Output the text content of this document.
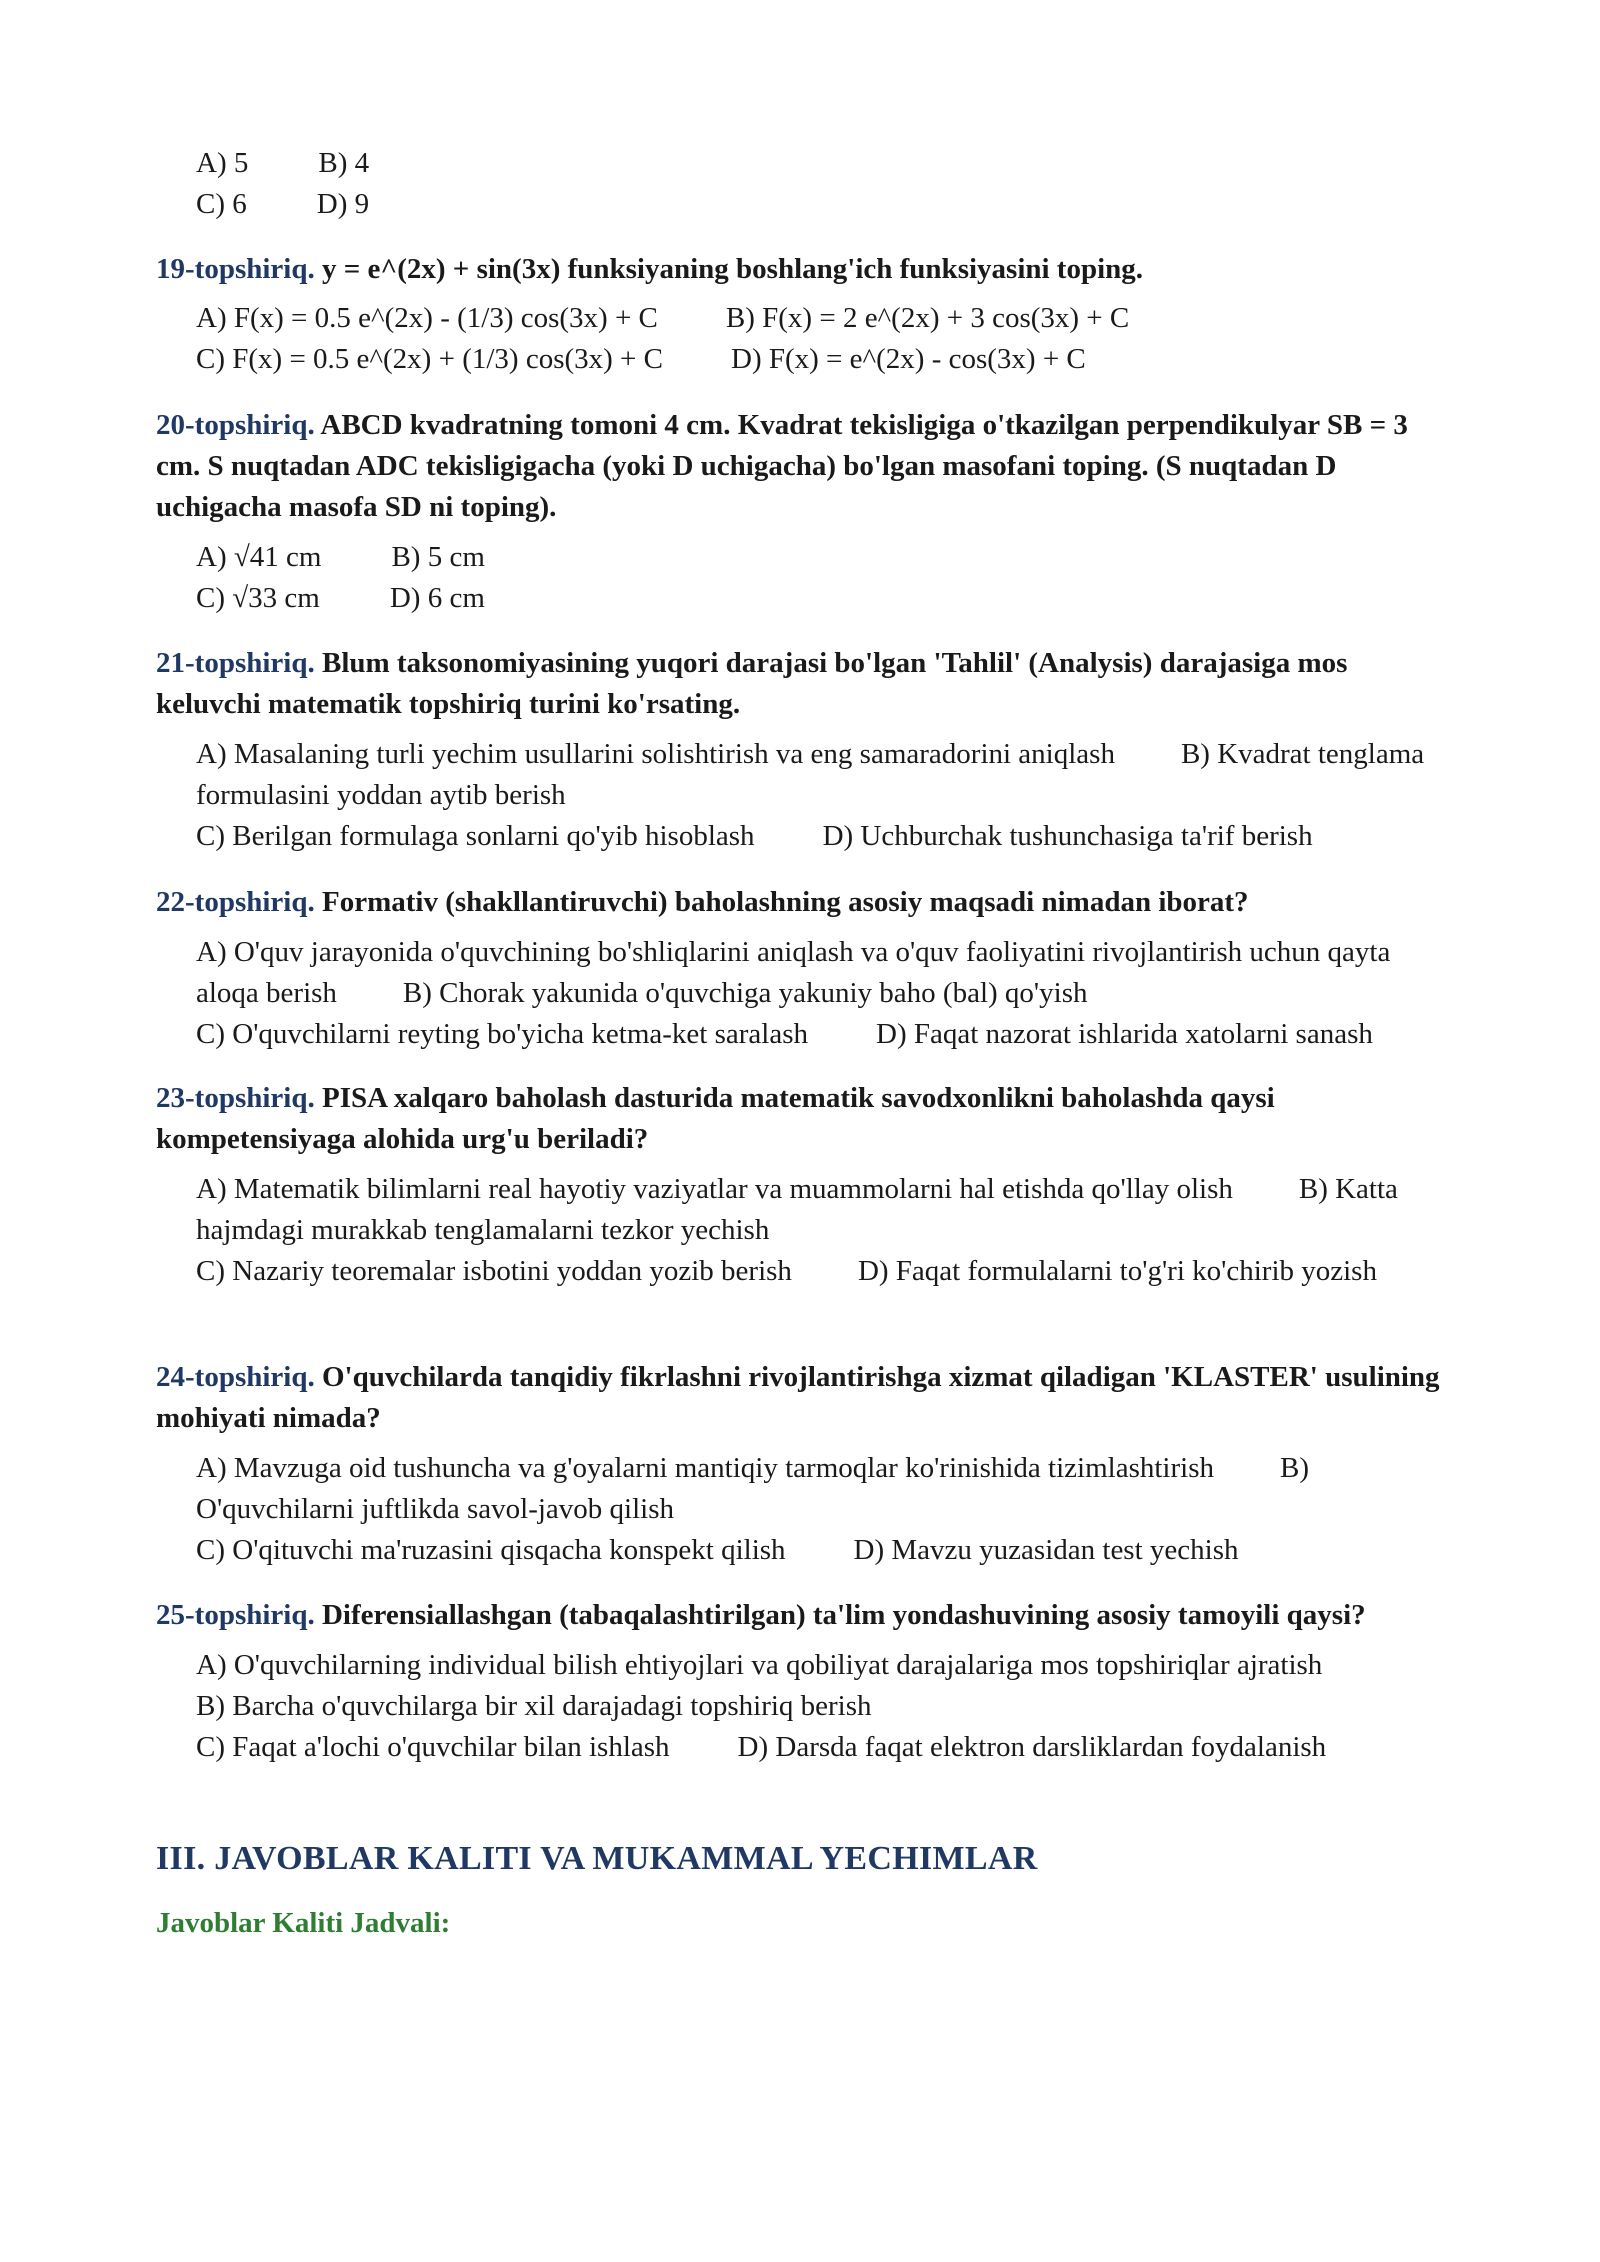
A) 5 B) 4
C) 6 D) 9
19-topshiriq. y = e^(2x) + sin(3x) funksiyaning boshlang'ich funksiyasini toping.
A) F(x) = 0.5 e^(2x) - (1/3) cos(3x) + C B) F(x) = 2 e^(2x) + 3 cos(3x) + C
C) F(x) = 0.5 e^(2x) + (1/3) cos(3x) + C D) F(x) = e^(2x) - cos(3x) + C
20-topshiriq. ABCD kvadratning tomoni 4 cm. Kvadrat tekisligiga o'tkazilgan perpendikulyar SB = 3 cm. S nuqtadan ADC tekisligigacha (yoki D uchigacha) bo'lgan masofani toping. (S nuqtadan D uchigacha masofa SD ni toping).
A) √41 cm B) 5 cm
C) √33 cm D) 6 cm
21-topshiriq. Blum taksonomiyasining yuqori darajasi bo'lgan 'Tahlil' (Analysis) darajasiga mos keluvchi matematik topshiriq turini ko'rsating.
A) Masalaning turli yechim usullarini solishtirish va eng samaradorini aniqlash B) Kvadrat tenglama formulasini yoddan aytib berish
C) Berilgan formulaga sonlarni qo'yib hisoblash D) Uchburchak tushunchasiga ta'rif berish
22-topshiriq. Formativ (shakllantiruvchi) baholashning asosiy maqsadi nimadan iborat?
A) O'quv jarayonida o'quvchining bo'shliqlarini aniqlash va o'quv faoliyatini rivojlantirish uchun qayta aloqa berish B) Chorak yakunida o'quvchiga yakuniy baho (bal) qo'yish
C) O'quvchilarni reyting bo'yicha ketma-ket saralash D) Faqat nazorat ishlarida xatolarni sanash
23-topshiriq. PISA xalqaro baholash dasturida matematik savodxonlikni baholashda qaysi kompetensiyaga alohida urg'u beriladi?
A) Matematik bilimlarni real hayotiy vaziyatlar va muammolarni hal etishda qo'llay olish B) Katta hajmdagi murakkab tenglamalarni tezkor yechish
C) Nazariy teoremalar isbotini yoddan yozib berish D) Faqat formulalarni to'g'ri ko'chirib yozish
24-topshiriq. O'quvchilarda tanqidiy fikrlashni rivojlantirishga xizmat qiladigan 'KLASTER' usulining mohiyati nimada?
A) Mavzuga oid tushuncha va g'oyalarni mantiqiy tarmoqlar ko'rinishida tizimlashtirish B) O'quvchilarni juftlikda savol-javob qilish
C) O'qituvchi ma'ruzasini qisqacha konspekt qilish D) Mavzu yuzasidan test yechish
25-topshiriq. Diferensiallashgan (tabaqalashtirilgan) ta'lim yondashuvining asosiy tamoyili qaysi?
A) O'quvchilarning individual bilish ehtiyojlari va qobiliyat darajalariga mos topshiriqlar ajratish
B) Barcha o'quvchilarga bir xil darajadagi topshiriq berish
C) Faqat a'lochi o'quvchilar bilan ishlash D) Darsda faqat elektron darsliklardan foydalanish
III. JAVOBLAR KALITI VA MUKAMMAL YECHIMLAR
Javoblar Kaliti Jadvali:
